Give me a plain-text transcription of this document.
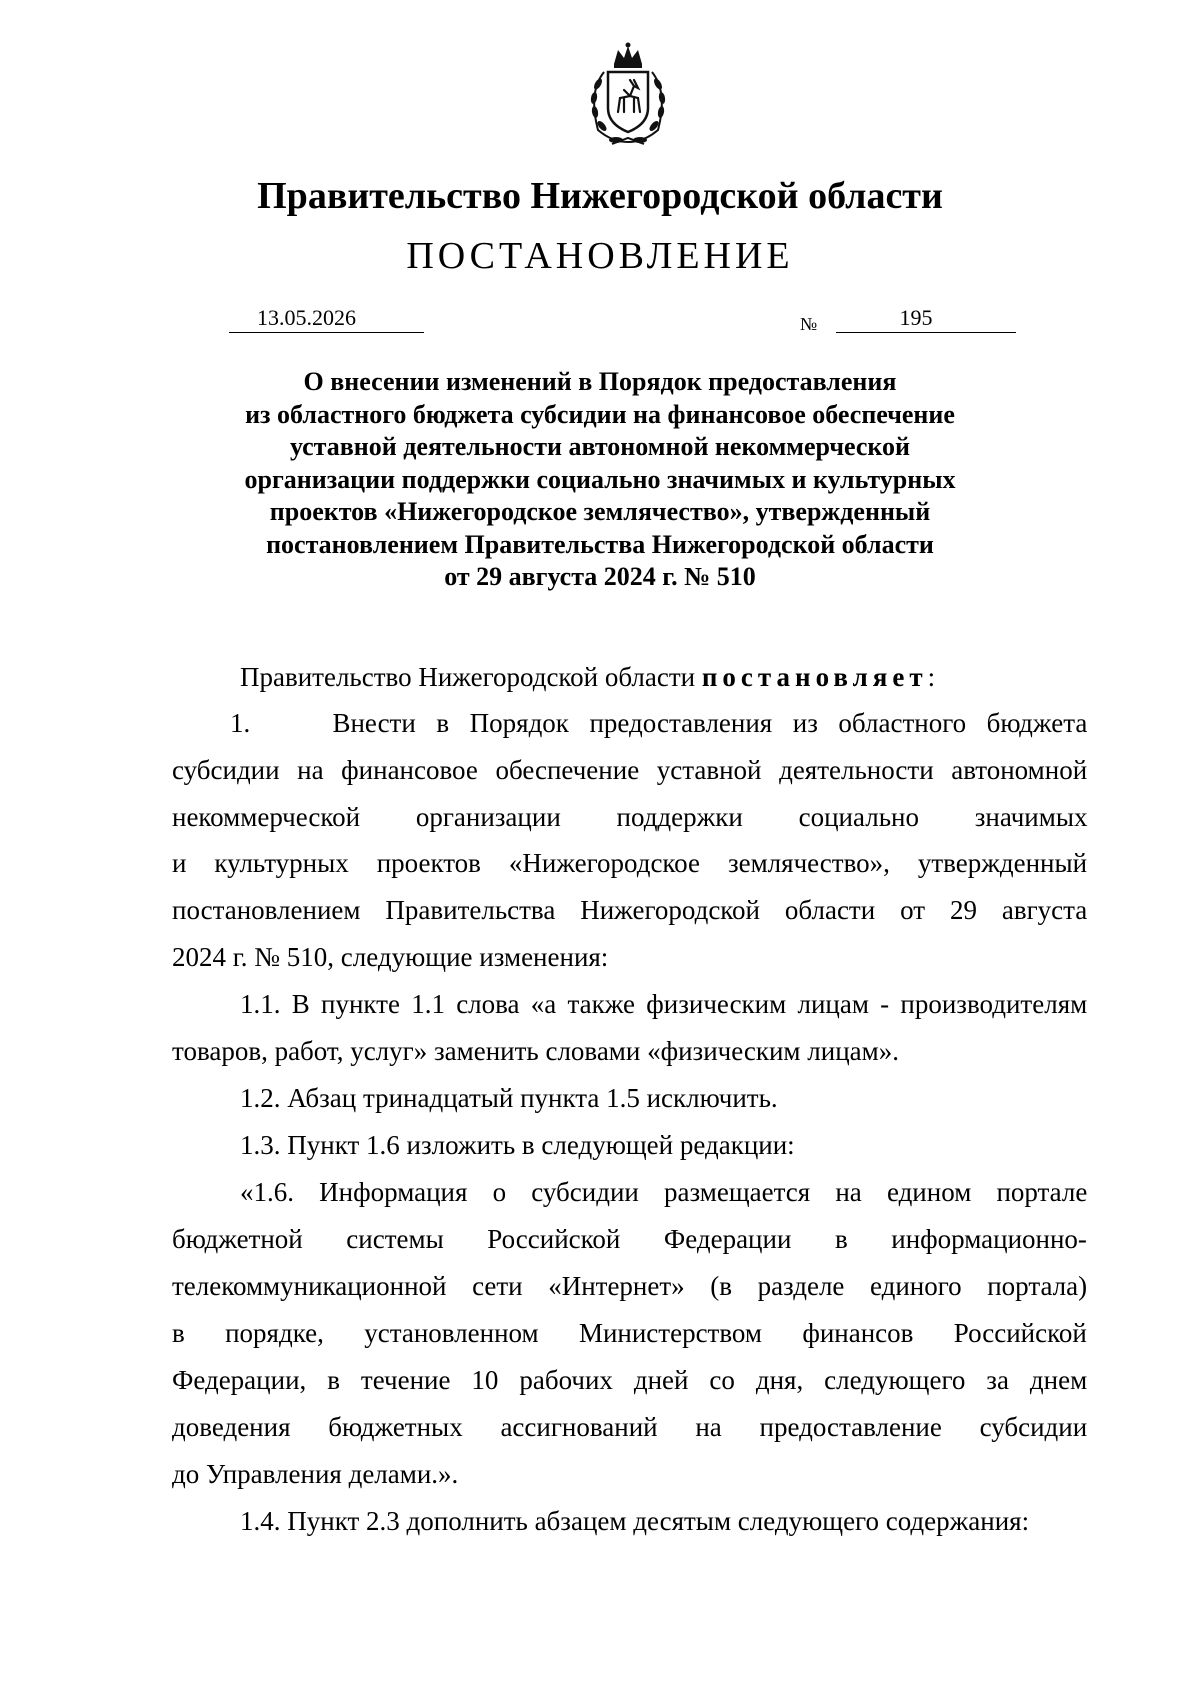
Правительство Нижегородской области
ПОСТАНОВЛЕНИЕ
13.05.2026	№	195
О внесении изменений в Порядок предоставления
из областного бюджета субсидии на финансовое обеспечение
уставной деятельности автономной некоммерческой
организации поддержки социально значимых и культурных
проектов «Нижегородское землячество», утвержденный
постановлением Правительства Нижегородской области
от 29 августа 2024 г. № 510
Правительство Нижегородской области постановляет:
1.    Внести в Порядок предоставления из областного бюджета
субсидии на финансовое обеспечение уставной деятельности автономной
некоммерческой организации поддержки социально значимых
и культурных проектов «Нижегородское землячество», утвержденный
постановлением Правительства Нижегородской области от 29 августа
2024 г. № 510, следующие изменения:
1.1. В пункте 1.1 слова «а также физическим лицам - производителям
товаров, работ, услуг» заменить словами «физическим лицам».
1.2. Абзац тринадцатый пункта 1.5 исключить.
1.3. Пункт 1.6 изложить в следующей редакции:
«1.6. Информация о субсидии размещается на едином портале
бюджетной системы Российской Федерации в информационно-
телекоммуникационной сети «Интернет» (в разделе единого портала)
в порядке, установленном Министерством финансов Российской
Федерации, в течение 10 рабочих дней со дня, следующего за днем
доведения бюджетных ассигнований на предоставление субсидии
до Управления делами.».
1.4. Пункт 2.3 дополнить абзацем десятым следующего содержания:
